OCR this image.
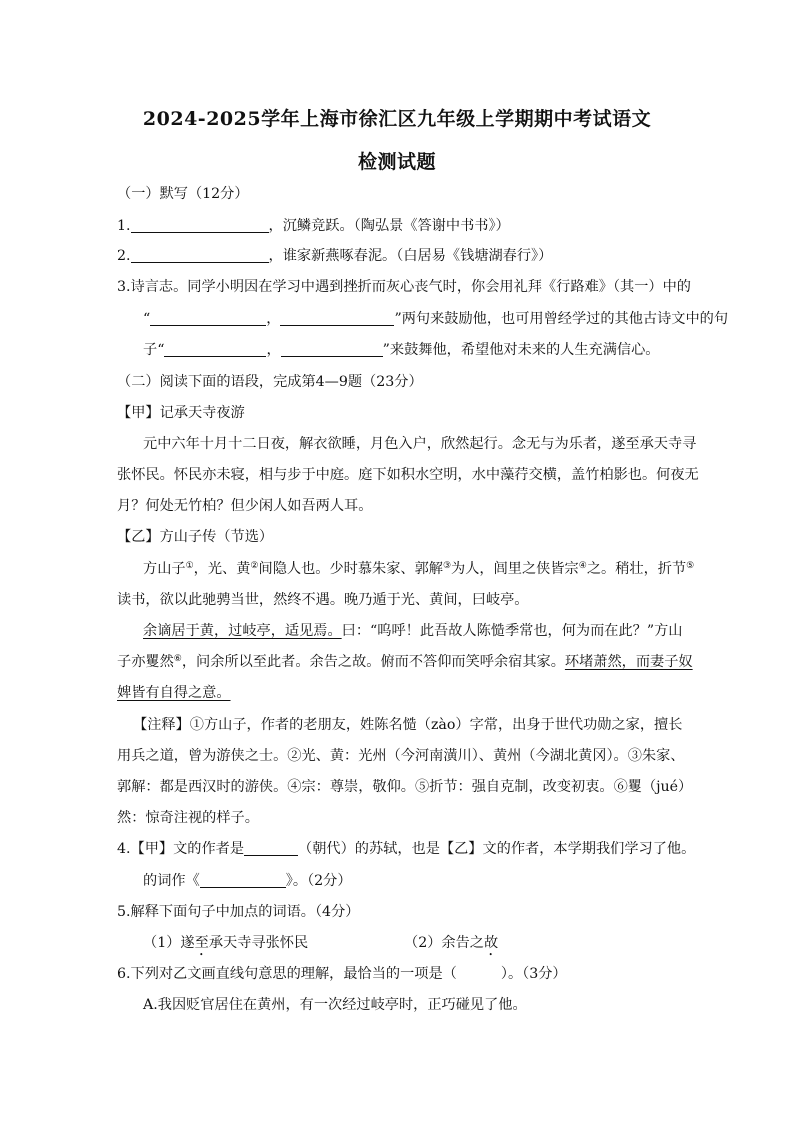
2024-2025学年上海市徐汇区九年级上学期期中考试语文
检测试题
（一）默写（12分）
1.	，沉鳞竞跃。（陶弘景《答谢中书书》）
2.	，谁家新燕啄春泥。（白居易《钱塘湖春行》）
3.诗言志。同学小明因在学习中遇到挫折而灰心丧气时，你会用礼拜《行路难》（其一）中的
“	，	”两句来鼓励他，也可用曾经学过的其他古诗文中的句
子“	，	”来鼓舞他，希望他对未来的人生充满信心。
（二）阅读下面的语段，完成第4—9题（23分）
【甲】记承天寺夜游
元中六年十月十二日夜，解衣欲睡，月色入户，欣然起行。念无与为乐者，遂至承天寺寻
张怀民。怀民亦未寝，相与步于中庭。庭下如积水空明，水中藻荇交横，盖竹柏影也。何夜无
月？何处无竹柏？但少闲人如吾两人耳。
【乙】方山子传（节选）
方山子①，光、黄②间隐人也。少时慕朱家、郭解③为人，闾里之侠皆宗④之。稍壮，折节⑤
读书，欲以此驰骋当世，然终不遇。晚乃遁于光、黄间，曰岐亭。
余谪居于黄，过岐亭，适见焉。曰：“呜呼！此吾故人陈慥季常也，何为而在此？”方山
子亦矍然⑥，问余所以至此者。余告之故。俯而不答仰而笑呼余宿其家。环堵萧然，而妻子奴
婢皆有自得之意。
【注释】①方山子，作者的老朋友，姓陈名慥（zào）字常，出身于世代功勋之家，擅长
用兵之道，曾为游侠之士。②光、黄：光州（今河南潢川）、黄州（今湖北黄冈）。③朱家、
郭解：都是西汉时的游侠。④宗：尊崇，敬仰。⑤折节：强自克制，改变初衷。⑥矍（jué）
然：惊奇注视的样子。
4.【甲】文的作者是	（朝代）的苏轼，也是【乙】文的作者，本学期我们学习了他。
的词作《	》。（2分）
5.解释下面句子中加点的词语。（4分）
（1）遂至承天寺寻张怀民	（2）余告之故
6.下列对乙文画直线句意思的理解，最恰当的一项是（	）。（3分）
A.我因贬官居住在黄州，有一次经过岐亭时，正巧碰见了他。
